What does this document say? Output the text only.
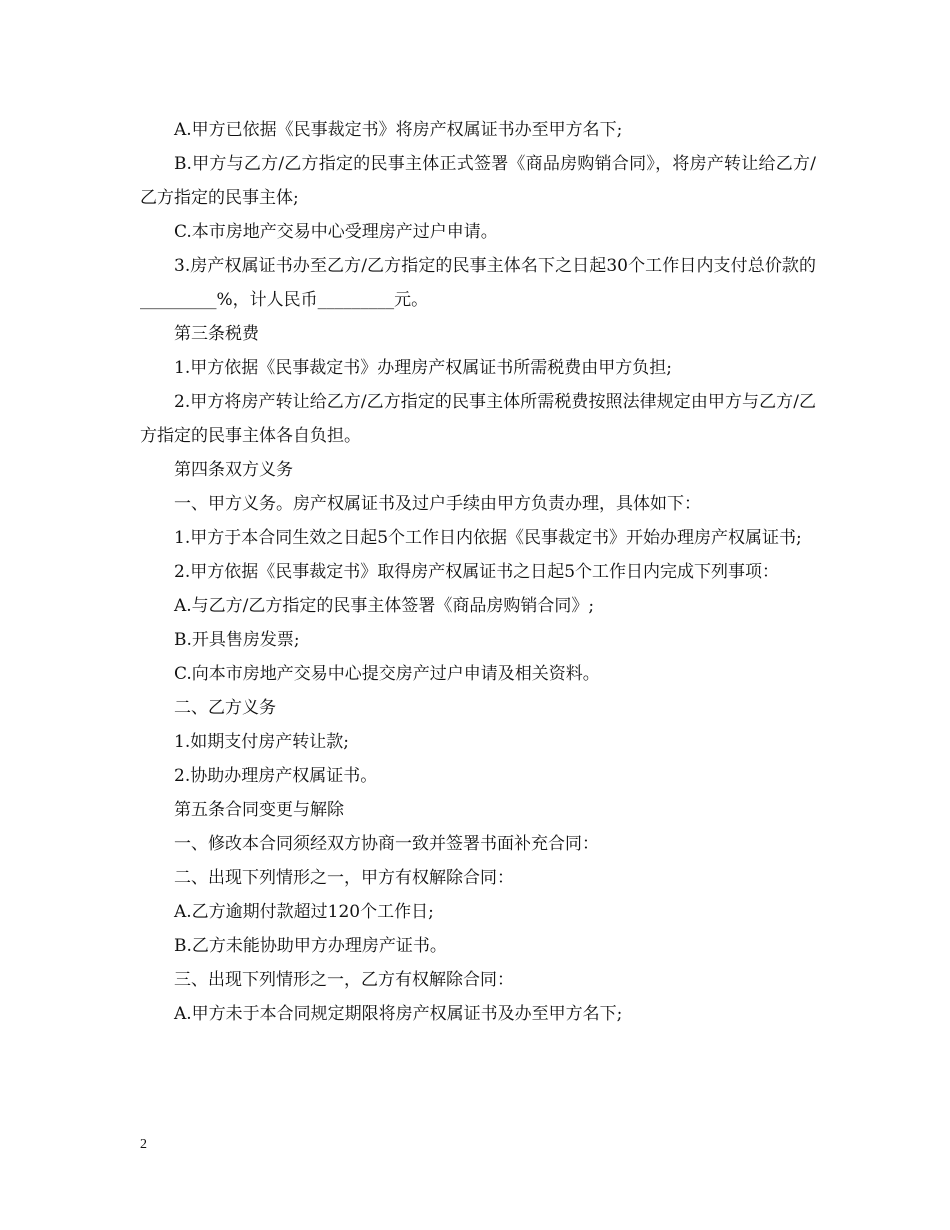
A.甲方已依据《民事裁定书》将房产权属证书办至甲方名下;

B.甲方与乙方/乙方指定的民事主体正式签署《商品房购销合同》，将房产转让给乙方/乙方指定的民事主体;

C.本市房地产交易中心受理房产过户申请。

3.房产权属证书办至乙方/乙方指定的民事主体名下之日起30个工作日内支付总价款的_________%，计人民币_________元。

第三条税费

1.甲方依据《民事裁定书》办理房产权属证书所需税费由甲方负担;

2.甲方将房产转让给乙方/乙方指定的民事主体所需税费按照法律规定由甲方与乙方/乙方指定的民事主体各自负担。

第四条双方义务

一、甲方义务。房产权属证书及过户手续由甲方负责办理，具体如下：

1.甲方于本合同生效之日起5个工作日内依据《民事裁定书》开始办理房产权属证书;

2.甲方依据《民事裁定书》取得房产权属证书之日起5个工作日内完成下列事项：

A.与乙方/乙方指定的民事主体签署《商品房购销合同》;

B.开具售房发票;

C.向本市房地产交易中心提交房产过户申请及相关资料。

二、乙方义务

1.如期支付房产转让款;

2.协助办理房产权属证书。

第五条合同变更与解除

一、修改本合同须经双方协商一致并签署书面补充合同：

二、出现下列情形之一，甲方有权解除合同：

A.乙方逾期付款超过120个工作日;

B.乙方未能协助甲方办理房产证书。

三、出现下列情形之一，乙方有权解除合同：

A.甲方未于本合同规定期限将房产权属证书及办至甲方名下;

2
